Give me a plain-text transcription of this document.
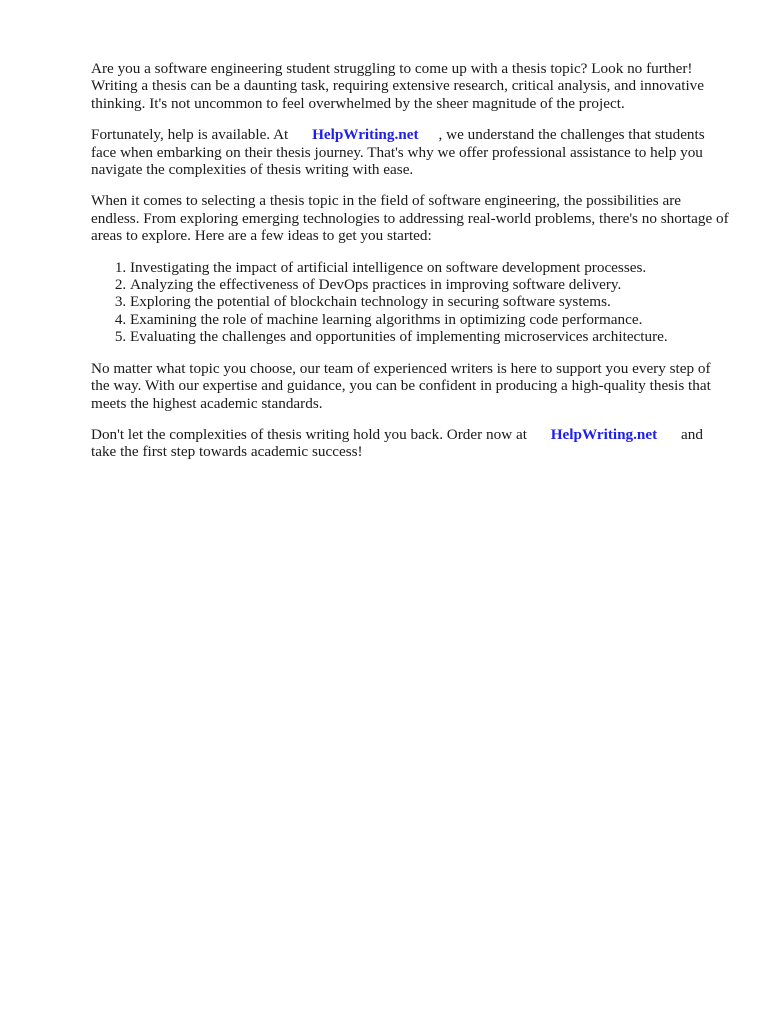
Are you a software engineering student struggling to come up with a thesis topic? Look no further! Writing a thesis can be a daunting task, requiring extensive research, critical analysis, and innovative thinking. It's not uncommon to feel overwhelmed by the sheer magnitude of the project.

Fortunately, help is available. At HelpWriting.net , we understand the challenges that students face when embarking on their thesis journey. That's why we offer professional assistance to help you navigate the complexities of thesis writing with ease.

When it comes to selecting a thesis topic in the field of software engineering, the possibilities are endless. From exploring emerging technologies to addressing real-world problems, there's no shortage of areas to explore. Here are a few ideas to get you started:

1. Investigating the impact of artificial intelligence on software development processes.
2. Analyzing the effectiveness of DevOps practices in improving software delivery.
3. Exploring the potential of blockchain technology in securing software systems.
4. Examining the role of machine learning algorithms in optimizing code performance.
5. Evaluating the challenges and opportunities of implementing microservices architecture.

No matter what topic you choose, our team of experienced writers is here to support you every step of the way. With our expertise and guidance, you can be confident in producing a high-quality thesis that meets the highest academic standards.

Don't let the complexities of thesis writing hold you back. Order now at HelpWriting.net and take the first step towards academic success!
